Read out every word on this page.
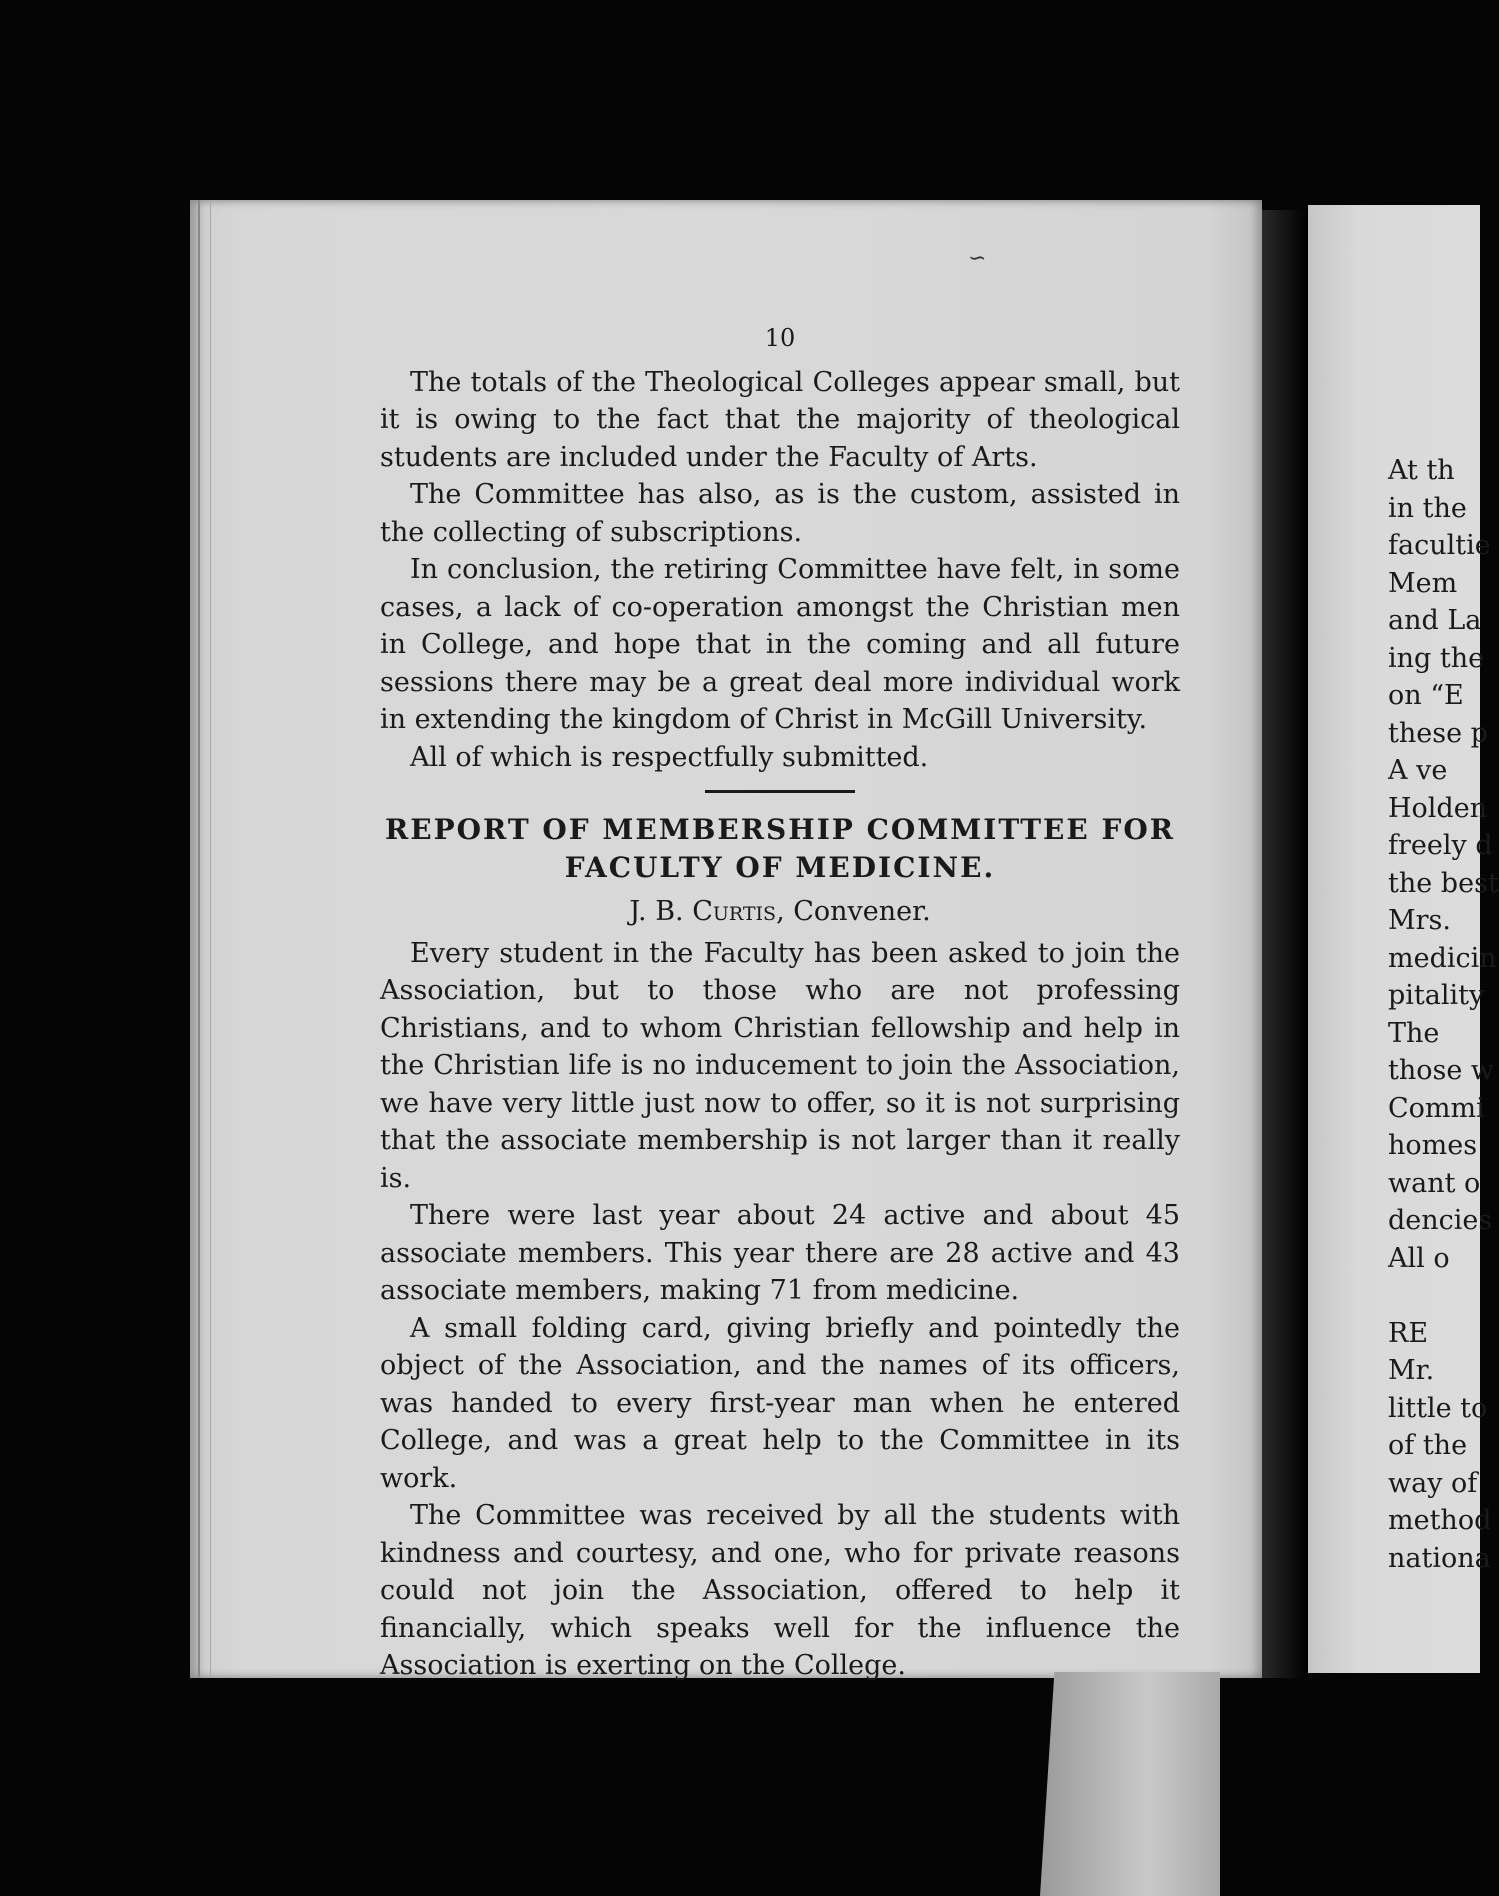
∽
10

The totals of the Theological Colleges appear small, but it is owing to the fact that the majority of theological students are included under the Faculty of Arts.

The Committee has also, as is the custom, assisted in the collecting of subscriptions.

In conclusion, the retiring Committee have felt, in some cases, a lack of co-operation amongst the Christian men in College, and hope that in the coming and all future sessions there may be a great deal more individual work in extending the kingdom of Christ in McGill University.

All of which is respectfully submitted.

REPORT OF MEMBERSHIP COMMITTEE FOR
FACULTY OF MEDICINE.
J. B. Curtis, Convener.

Every student in the Faculty has been asked to join the Association, but to those who are not professing Christians, and to whom Christian fellowship and help in the Christian life is no inducement to join the Association, we have very little just now to offer, so it is not surprising that the associate membership is not larger than it really is.

There were last year about 24 active and about 45 associate members. This year there are 28 active and 43 associate members, making 71 from medicine.

A small folding card, giving briefly and pointedly the object of the Association, and the names of its officers, was handed to every first-year man when he entered College, and was a great help to the Committee in its work.

The Committee was received by all the students with kindness and courtesy, and one, who for private reasons could not join the Association, offered to help it financially, which speaks well for the influence the Association is exerting on the College.

At th

in the

facultie

Mem

and La

ing the

on “E

these p

A ve

Holden

freely d

the best

Mrs.

medicin

pitality

The

those w

Commi

homes

want o

dencies

All o

RE

Mr.

little to

of the

way of

method

nationa
